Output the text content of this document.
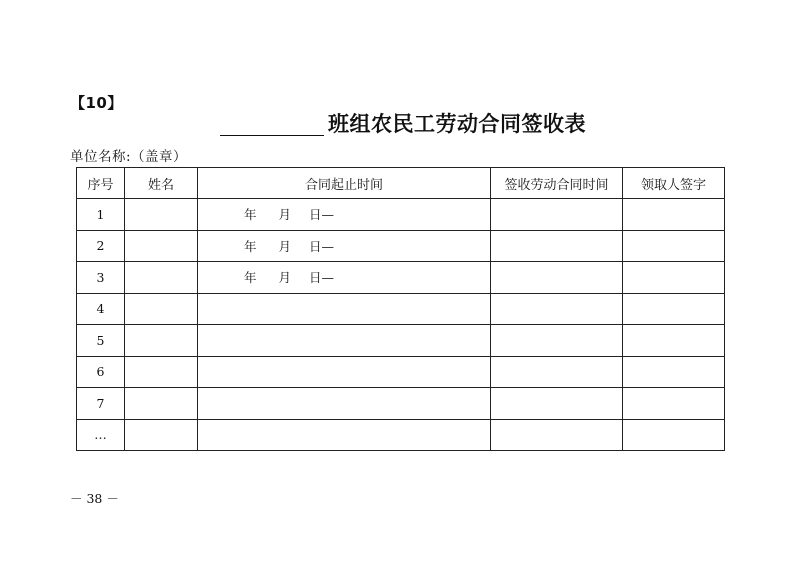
【10】
班组农民工劳动合同签收表
单位名称:（盖章）
序号	姓名	合同起止时间	签收劳动合同时间	领取人签字
1		年 月 日—		

2		年 月 日—		

3		年 月 日—		

4				
5				
6				
7				
…				
－ 38 －
